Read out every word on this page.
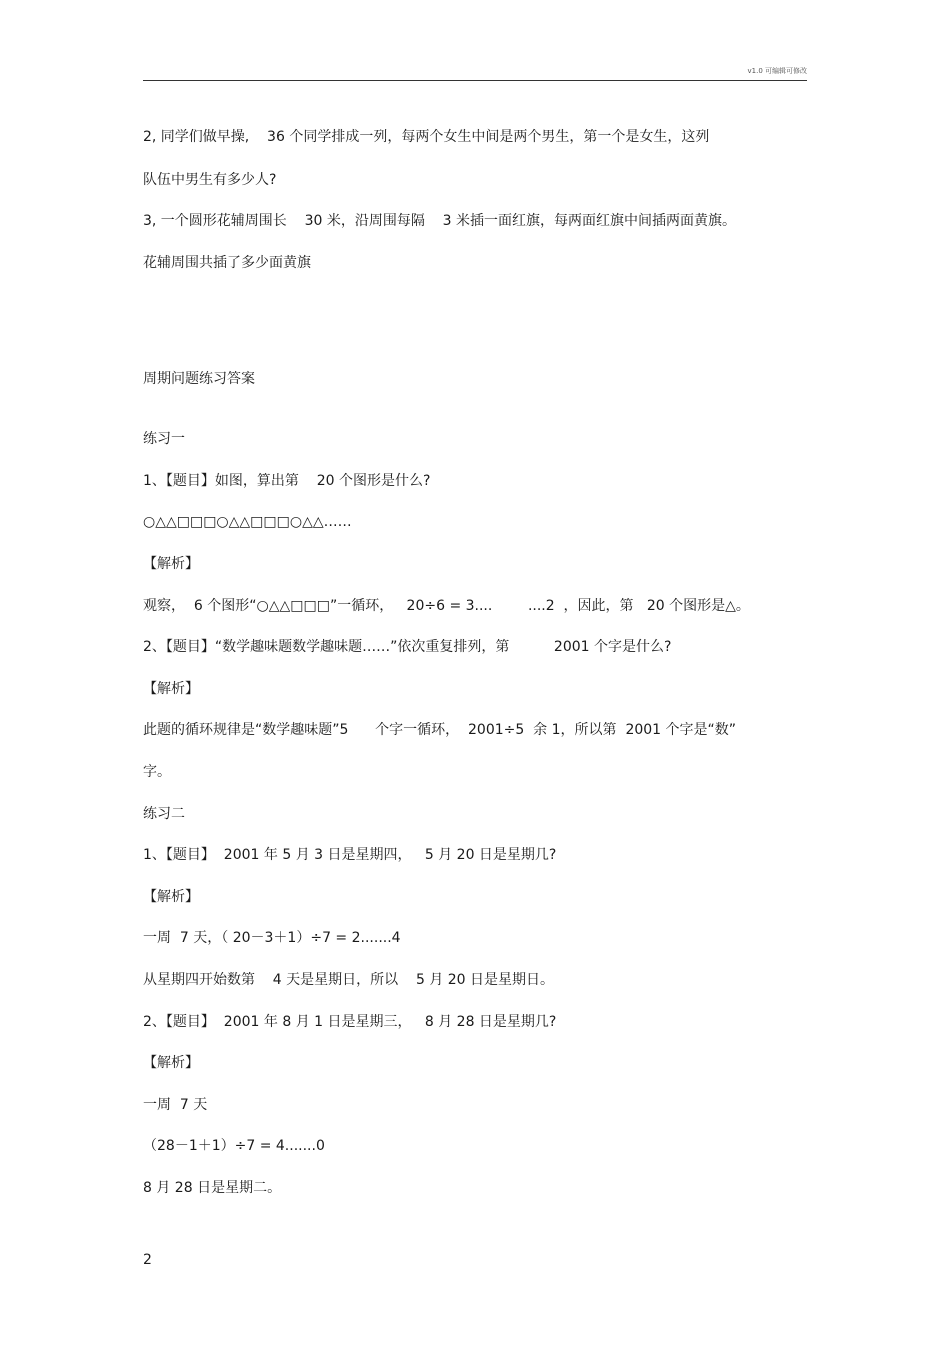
v1.0 可编辑可修改
2, 同学们做早操,    36 个同学排成一列，每两个女生中间是两个男生，第一个是女生，这列
队伍中男生有多少人?
3, 一个圆形花辅周围长    30 米，沿周围每隔    3 米插一面红旗，每两面红旗中间插两面黄旗。
花辅周围共插了多少面黄旗
周期问题练习答案
练习一
1、【题目】如图，算出第    20 个图形是什么?
○△△□□□○△△□□□○△△……
【解析】
观察，  6 个图形“○△△□□□”一循环，   20÷6 = 3....        ....2  ，因此，第   20 个图形是△。
2、【题目】“数学趣味题数学趣味题……”依次重复排列，第          2001 个字是什么?
【解析】
此题的循环规律是“数学趣味题”5      个字一循环，  2001÷5  余 1，所以第  2001 个字是“数”
字。
练习二
1、【题目】  2001 年 5 月 3 日是星期四，   5 月 20 日是星期几?
【解析】
一周  7 天，（ 20－3＋1）÷7 = 2.......4
从星期四开始数第    4 天是星期日，所以    5 月 20 日是星期日。
2、【题目】  2001 年 8 月 1 日是星期三，   8 月 28 日是星期几?
【解析】
一周  7 天
（28－1＋1）÷7 = 4.......0
8 月 28 日是星期二。
2
